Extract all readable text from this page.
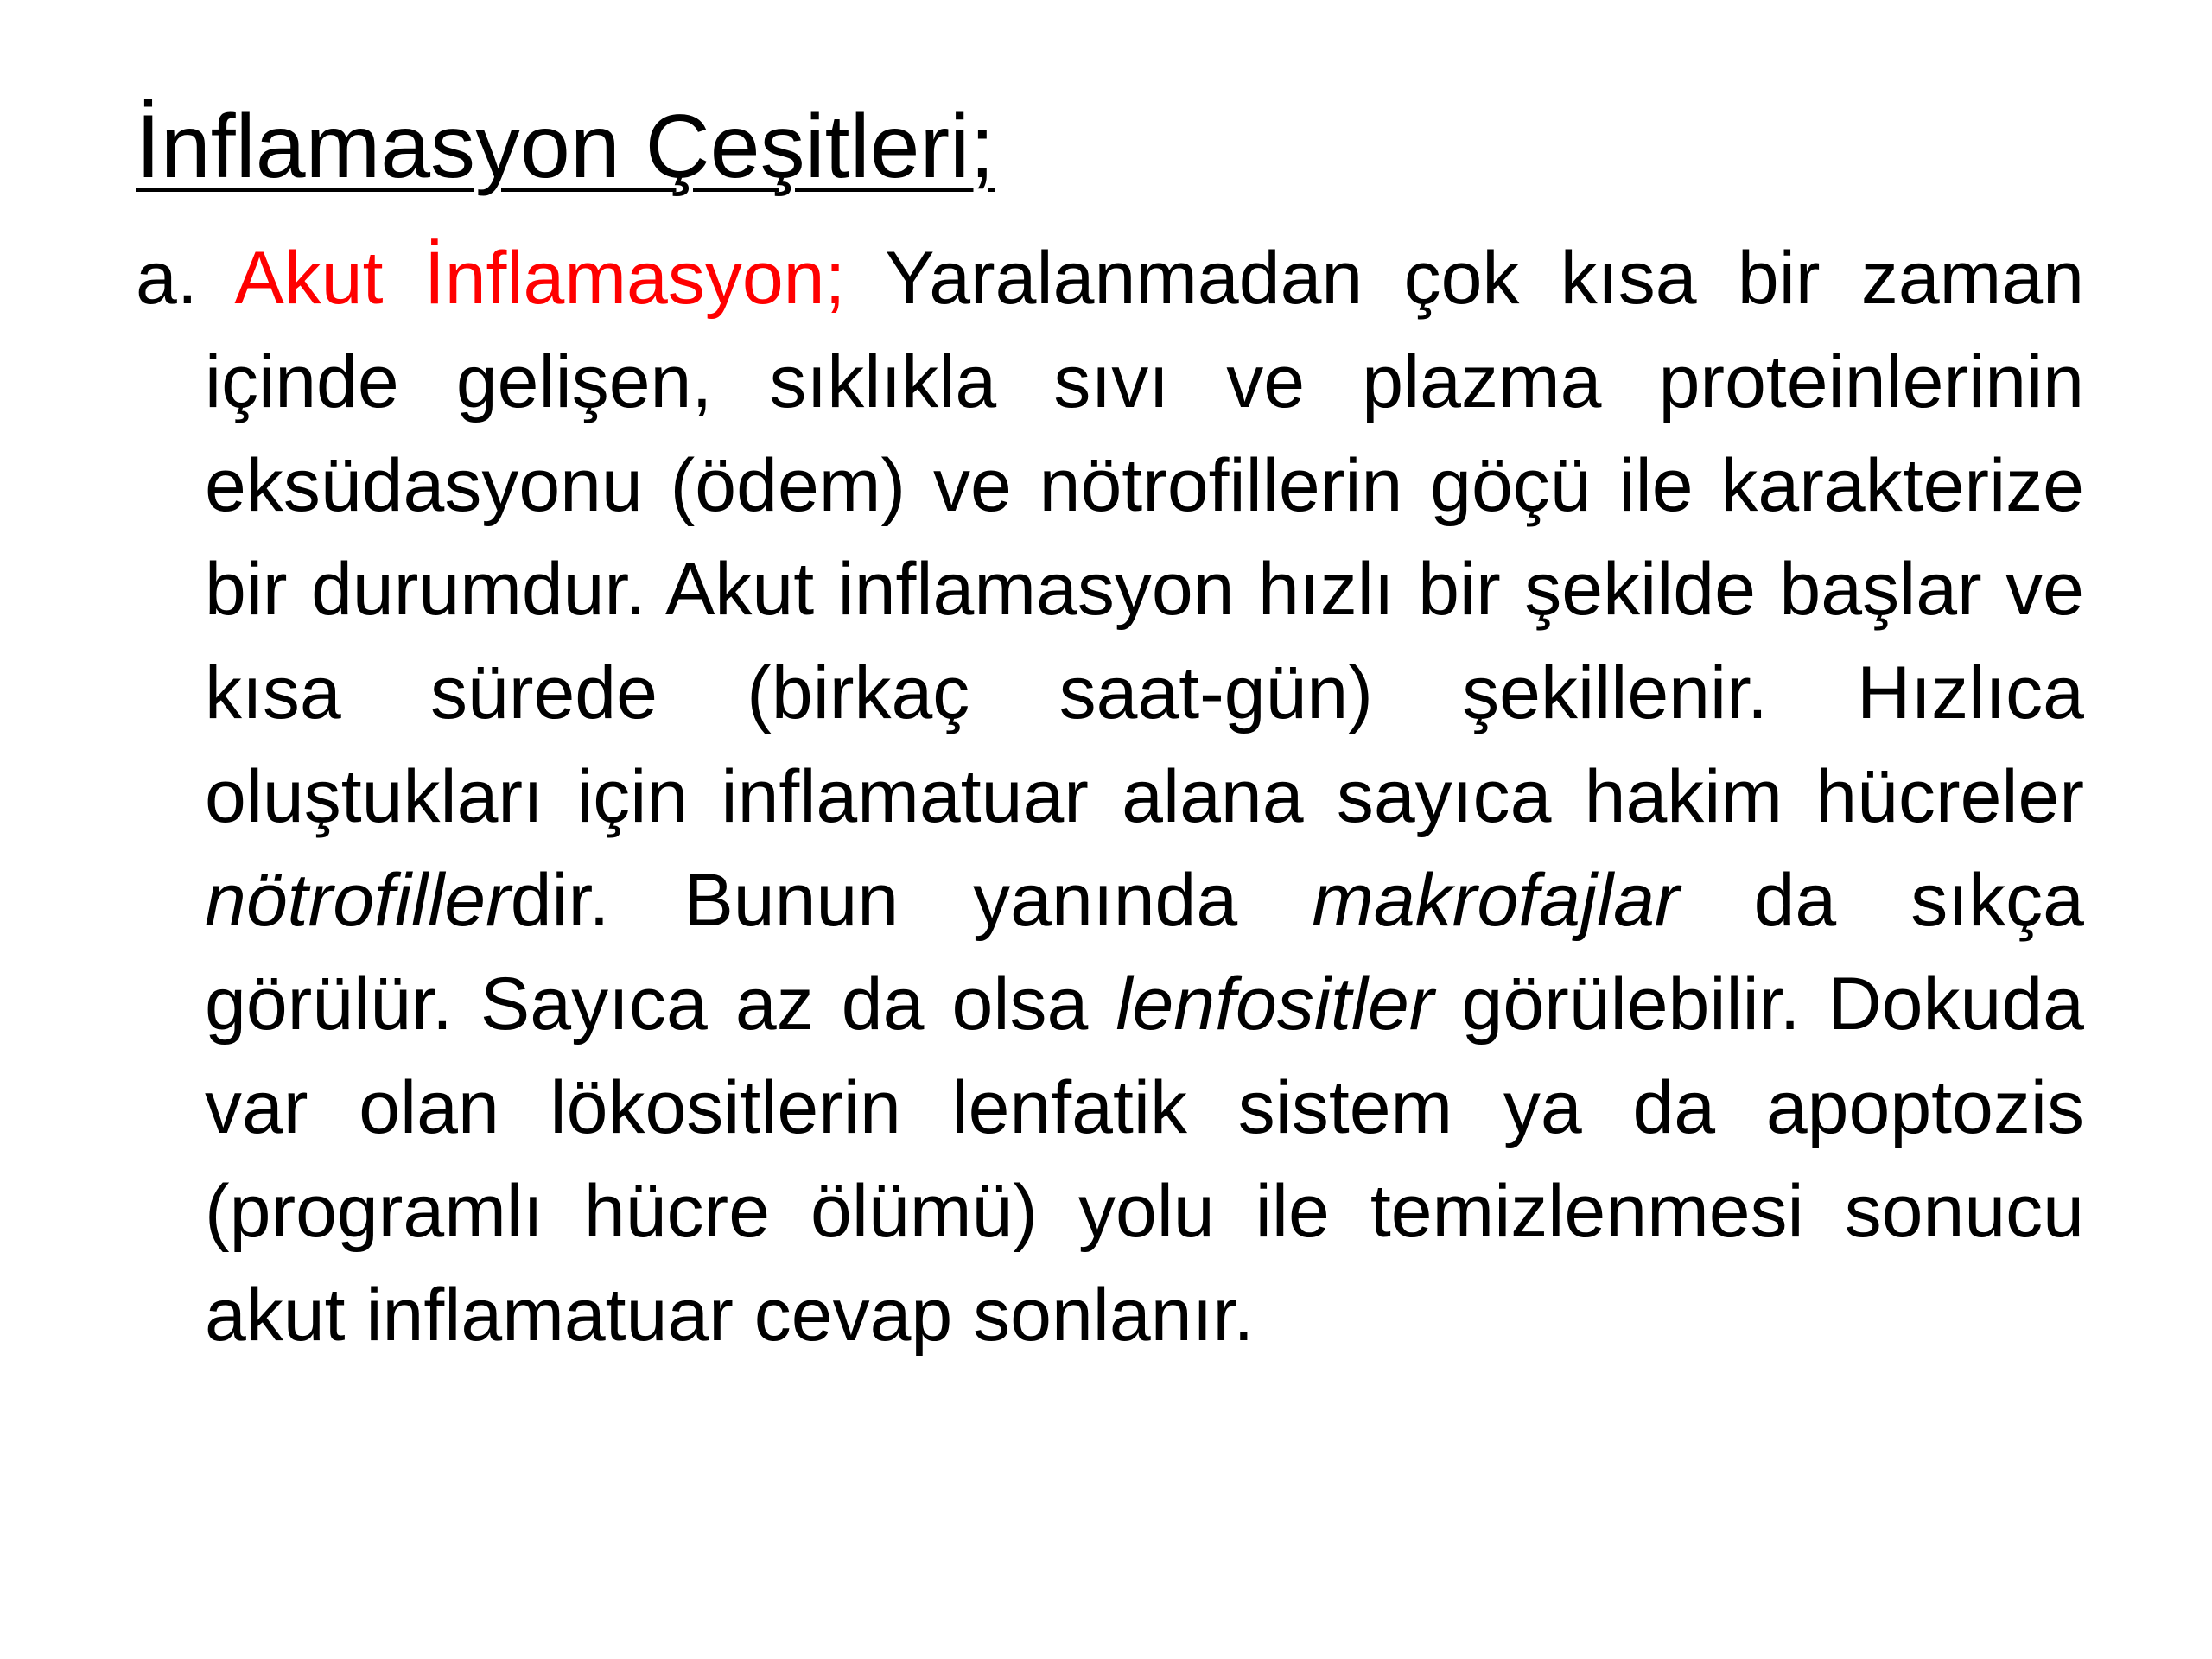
İnflamasyon Çeşitleri;

a. Akut İnflamasyon; Yaralanmadan çok kısa bir zaman içinde gelişen, sıklıkla sıvı ve plazma proteinlerinin eksüdasyonu (ödem) ve nötrofillerin göçü ile karakterize bir durumdur. Akut inflamasyon hızlı bir şekilde başlar ve kısa sürede (birkaç saat-gün) şekillenir. Hızlıca oluştukları için inflamatuar alana sayıca hakim hücreler nötrofillerdir. Bunun yanında makrofajlar da sıkça görülür. Sayıca az da olsa lenfositler görülebilir. Dokuda var olan lökositlerin lenfatik sistem ya da apoptozis (programlı hücre ölümü) yolu ile temizlenmesi sonucu akut inflamatuar cevap sonlanır.
